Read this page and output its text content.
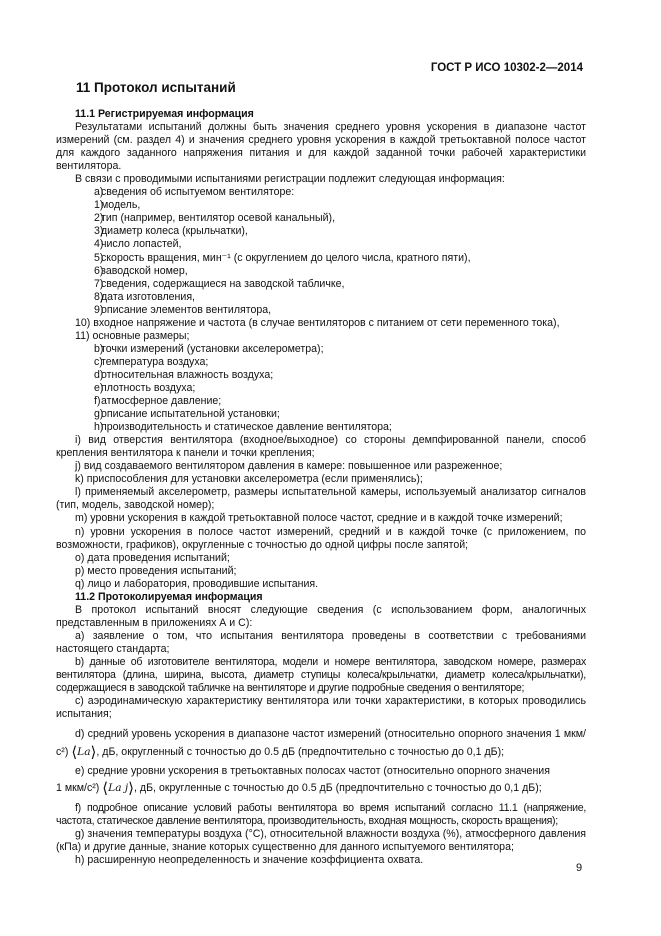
ГОСТ Р ИСО 10302-2—2014
11 Протокол испытаний

11.1 Регистрируемая информация

Результатами испытаний должны быть значения среднего уровня ускорения в диапазоне частот измерений (см. раздел 4) и значения среднего уровня ускорения в каждой третьоктавной полосе частот для каждого заданного напряжения питания и для каждой заданной точки рабочей характеристики вентилятора.

В связи с проводимыми испытаниями регистрации подлежит следующая информация:

a)сведения об испытуемом вентиляторе:

1)модель,

2)тип (например, вентилятор осевой канальный),

3)диаметр колеса (крыльчатки),

4)число лопастей,

5)скорость вращения, мин⁻¹ (с округлением до целого числа, кратного пяти),

6)заводской номер,

7)сведения, содержащиеся на заводской табличке,

8)дата изготовления,

9)описание элементов вентилятора,

10) входное напряжение и частота (в случае вентиляторов с питанием от сети переменного тока),

11) основные размеры;

b)точки измерений (установки акселерометра);

c)температура воздуха;

d)относительная влажность воздуха;

e)плотность воздуха;

f)атмосферное давление;

g)описание испытательной установки;

h)производительность и статическое давление вентилятора;

i) вид отверстия вентилятора (входное/выходное) со стороны демпфированной панели, способ крепления вентилятора к панели и точки крепления;

j) вид создаваемого вентилятором давления в камере: повышенное или разреженное;

k) приспособления для установки акселерометра (если применялись);

l) применяемый акселерометр, размеры испытательной камеры, используемый анализатор сигналов (тип, модель, заводской номер);

m) уровни ускорения в каждой третьоктавной полосе частот, средние и в каждой точке измерений;

n) уровни ускорения в полосе частот измерений, средний и в каждой точке (с приложением, по возможности, графиков), округленные с точностью до одной цифры после запятой;

o) дата проведения испытаний;

p) место проведения испытаний;

q) лицо и лаборатория, проводившие испытания.

11.2 Протоколируемая информация

В протокол испытаний вносят следующие сведения (с использованием форм, аналогичных представленным в приложениях А и С):

a) заявление о том, что испытания вентилятора проведены в соответствии с требованиями настоящего стандарта;

b) данные об изготовителе вентилятора, модели и номере вентилятора, заводском номере, размерах вентилятора (длина, ширина, высота, диаметр ступицы колеса/крыльчатки, диаметр колеса/крыльчатки), содержащиеся в заводской табличке на вентиляторе и другие подробные сведения о вентиляторе;

c) аэродинамическую характеристику вентилятора или точки характеристики, в которых проводились испытания;

d) средний уровень ускорения в диапазоне частот измерений (относительно опорного значения 1 мкм/с²) ⟨La⟩, дБ, округленный с точностью до 0.5 дБ (предпочтительно с точностью до 0,1 дБ);

e) средние уровни ускорения в третьоктавных полосах частот (относительно опорного значения

1 мкм/с²) ⟨La j⟩, дБ, округленные с точностью до 0.5 дБ (предпочтительно с точностью до 0,1 дБ);

f) подробное описание условий работы вентилятора во время испытаний согласно 11.1 (напряжение, частота, статическое давление вентилятора, производительность, входная мощность, скорость вращения);

g) значения температуры воздуха (°С), относительной влажности воздуха (%), атмосферного давления (кПа) и другие данные, знание которых существенно для данного испытуемого вентилятора;

h) расширенную неопределенность и значение коэффициента охвата.

9
